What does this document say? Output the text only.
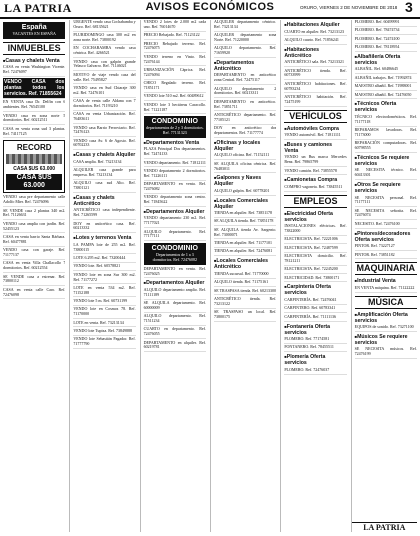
LA PATRIA	AVISOS ECONÓMICOS	ORURO, VIERNES 2 DE NOVIEMBRE DE 2018 3
España
VACANTES EN ESPAÑA
INMUEBLES
■ Casas y chalets Venta
CASA en venta Washington Vicente. Ref. 72476097
VENDO CASA dos plantas todos los servicios. Ref. 71855624
EN VENTA casa Dr. Delfín con 6 ambientes. Ref. 76545100
VENDO casa en zona norte 5 dormitorios. Ref. 60212511
CASA en venta zona sud 3 plantas. Ref. 74117125
RECORD
CASA $US 63.000
CASA $US 63.000
VENDO casa pre departamento calle Adolfo Mier. Ref. 72476096
SE VENDE casa 2 plantas 340 m2. Ref. 71126631
VENDO casa amplia con jardín. Ref. 52455123
CASA en venta barrio Santa Bárbara. Ref. 60477881
VENDO casa con garaje. Ref. 71177137
CASA en venta Villa Challacollo 7 dormitorios. Ref. 60212554
SE VENDE casa a estrenar. Ref. 73800112
CASA en venta calle Caro. Ref. 72476098
URGENTE vendo casa Cochabamba y Oruro. Ref. 68135621
PLURIDOMINGO casa 300 m2 en zona norte. Ref. 73800192
EN COCHABAMBA vendo casa céntrica. Ref. 4266521
VENDO casa con galpón grande Velasco Galvarro. Ref. 71146021
MOTIVO de viaje vendo casa del valle. Ref. 75495827
VENDO casa en Sud Chiaraje 300 m2. Ref. 72476101
CASA de venta calle Aldana con 7 dormitorios. Ref. 71193210
CASA en venta Urbanización. Ref. 76483611
VENDO casa Barrio Ferroviario. Ref. 72476123
VENDO casa Av. 6 de Agosto. Ref. 60702233
■ Casas y chalets Alquiler
CASA amplia. Ref. 73213134
ALQUILER casa grande para empresa. Ref. 73213134
ALQUILO casa sud Alto. Ref. 73801121
■ Casas y chalets Anticrético
ANTICRÉTICO casa independiente. Ref. 71265599
DOY en anticrético casa. Ref. 60213332
■ Lotes y terrenos Venta
LA PAMPA lote de 255 m2. Ref. 73800115
LOTE 6.295 m2. Ref. 73200444
VENDO lote. Ref. 60578821
VENDO lote en zona Sur 300 m2. Ref. 71177272
LOTE en venta 534 m2. Ref. 71152188
VENDO lote 5 m. Ref. 60731199
VENDO lote en Cosmos 78. Ref. 71170000
LOTE en venta. Ref. 73213134
VENDO lote Tupiza. Ref. 73849888
VENDO lote Sebastián Pagador. Ref. 71777790
VENDO 2 lotes de 2.000 m2 cada uno. Ref. 76014670
PRECIO Rebajado. Ref. 71123122
PRECIO Rebajado terreno. Ref. 72476075
VENDO terreno en Vinto. Ref. 72476144
URBANIZACIÓN Cáprica. Ref. 72476094
CHICO Regalado terreno. Ref. 71851171
VENDO lote 510 m2. Ref. 60489612
VENDO lote 3 hectáreas Caracollo. Ref. 71221187
CONDOMINIO
departamentos de 2 y 3 dormitorios. Ref. 77131323
■ Departamentos Venta
PLAZA Principal Dos departamentos. Ref. 72474133
VENDO departamento. Ref. 71812111
VENDO departamento 2 dormitorios. Ref. 71226111
DEPARTAMENTO en venta. Ref. 72476082
VENDO departamento zona centro. Ref. 71845622
■ Departamentos Alquiler
VENDO departamento 230 m2. Ref. 77177021
ALQUILO departamento. Ref. 77177111
CONDOMINIO
Departamentos de 1 a 3 dormitorios. Ref. 72476082
DEPARTAMENTO en venta. Ref. 72476025
■ Departamentos Alquiler
ALQUILO departamento amplio. Ref. 71111189
SE ALQUILA departamento. Ref. 60000009
ALQUILO departamento. Ref. 71511234
CUARTO en departamento. Ref. 72476055
DEPARTAMENTO en alquiler. Ref. 60219781
ALQUILER departamento céntrico. Ref. 73213134
ALQUILER departamento zona Norte. Ref. 71220000
ALQUILO departamento. Ref. 71659920
■ Departamentos Anticrético
DEPARTAMENTO en anticrético zona Central. Ref. 72475117
ALQUILO departamento 2 dormitorios. Ref. 60213311
DEPARTAMENTO en anticrético. Ref. 73851711
ANTICRÉTICO departamento. Ref. 77105121
DOY en anticrético dos departamentos. Ref. 71177774
■ Oficinas y locales Alquiler
ALQUILO oficina. Ref. 71152111
SE ALQUILA oficina céntrica. Ref. 76483011
■ Galpones y Naves Alquiler
ALQUILO galpón. Ref. 60778201
■ Locales Comerciales Alquiler
TIENDA en alquiler. Ref. 73851178
SE ALQUILA tienda. Ref. 73851178
SE ALQUILA tienda Av. Sargento. Ref. 73000071
TIENDA en alquiler. Ref. 71177101
TIENDA en alquiler. Ref. 72476081
■ Locales Comerciales Anticrético
TIENDA sucursal. Ref. 71770000
ALQUILO tienda. Ref. 71175161
SE TRASPASA tienda. Ref. 60213300
ANTICRÉTICO tienda. Ref. 73213122
SE TRASPASO un local. Ref. 73800175
■ Habitaciones Alquiler
CUARTO en alquiler. Ref. 73213123
ALQUILO cuarto. Ref. 71856241
■ Habitaciones Anticrético
ANTICRÉTICO sala. Ref. 73213321
ANTICRÉTICO tienda. Ref. 60733999
ANTICRÉTICO habitaciones. Ref. 60783234
ANTICRÉTICO habitación. Ref. 72475199
VEHÍCULOS
■ Automóviles Compra
VENDO automóvil. Ref. 71811111
■ Buses y camiones Venta
VENDO un Bus marca Mercedes Benz. Ref. 79865799
VENDO camión. Ref. 73855578
■ Camionetas Compra
COMPRO vagoneta. Ref. 73845511
EMPLEOS
■ Electricidad Oferta servicios
INSTALACIONES eléctricas. Ref. 73822000
ELECTRICISTA. Ref. 72221006
ELECTRICISTA. Ref. 72487599
ELECTRICISTA domicilio. Ref. 78121211
ELECTRICISTA. Ref. 72245200
ELECTRICIDAD. Ref. 73800171
■ Carpintería Oferta servicios
CARPINTERÍA. Ref. 72476041
CARPINTERO. Ref. 60783341
CARPINTERÍA. Ref. 71111136
■ Fontanería Oferta servicios
PLOMERO. Ref. 77174581
FONTANERO. Ref. 78455511
■ Plomería Oferta servicios
PLOMERO. Ref. 72476037
PLOMERO. Ref. 60499991
PLOMERO. Ref. 78474734
PLOMERO. Ref. 72474100
PLOMERO. Ref. 78118954
■ Albañilería Oferta servicios
ALBAÑIL. Ref. 60486645
ALBAÑIL trabajos. Ref. 71992874
MAESTRO albañil. Ref. 71988001
MAESTRO albañil. Ref. 72476050
■ Técnicos Oferta servicios
TÉCNICO electrodomésticos. Ref. 71177118
REPARAMOS lavadoras. Ref. 71173000
REPARACIÓN computadoras. Ref. 60798555
■ Técnicos Se requiere servicios
SE NECESITA técnico. Ref. 60413301
■ Otros Se requiere servicios
SE NECESITA personal. Ref. 71177111
SE NECESITA señorita. Ref. 72476074
NECESITO. Ref. 72476100
■ Pintores/decoradores Oferta servicios
PINTOR. Ref. 73227127
PINTOR. Ref. 73851182
MAQUINARIA
■ Industrial Venta
EN VENTA máquina. Ref. 71122222
MÚSICA
■ Amplificación Oferta servicios
EQUIPOS de sonido. Ref. 73271100
■ Músicos Se requiere servicios
SE NECESITA músicos. Ref. 72476199
LA PATRIA
